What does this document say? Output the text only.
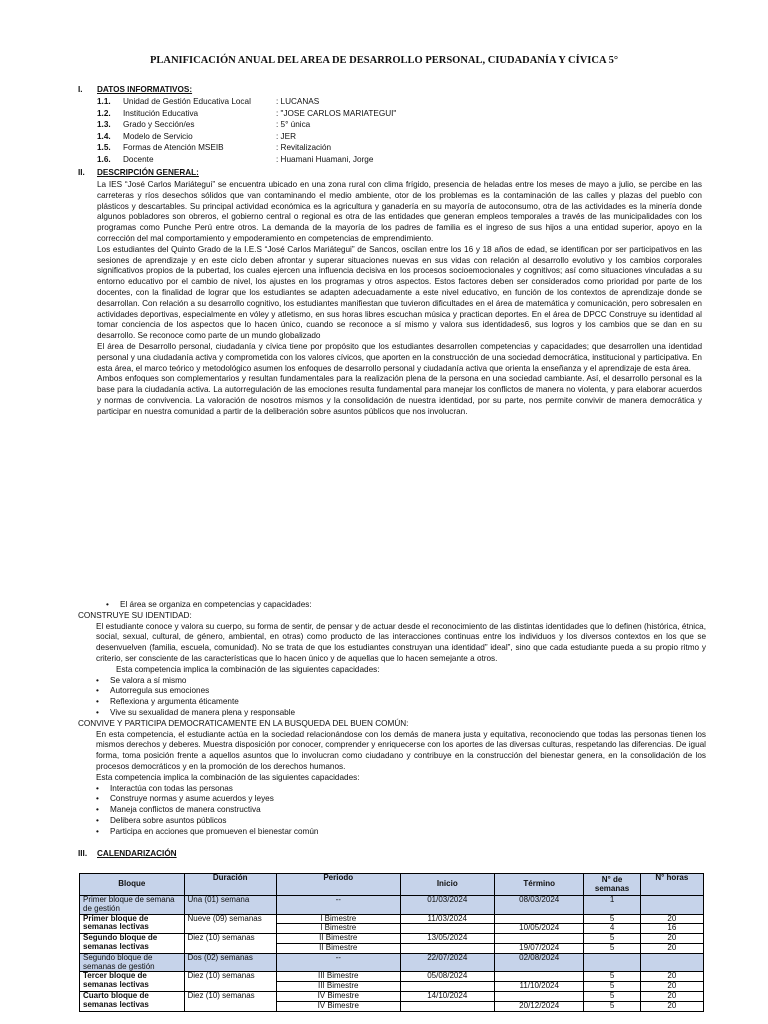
PLANIFICACIÓN ANUAL DEL AREA DE DESARROLLO PERSONAL, CIUDADANÍA Y CÍVICA 5°
I. DATOS INFORMATIVOS:
1.1. Unidad de Gestión Educativa Local	: LUCANAS
1.2. Institución Educativa	: "JOSE CARLOS MARIATEGUI"
1.3. Grado y Sección/es	: 5° única
1.4. Modelo de Servicio	: JER
1.5. Formas de Atención MSEIB	: Revitalización
1.6. Docente	: Huamani Huamani, Jorge
II. DESCRIPCIÓN GENERAL:

La IES “José Carlos Mariátegui” se encuentra ubicado en una zona rural con clima frígido, presencia de heladas entre los meses de mayo a julio, se percibe en las carreteras y ríos desechos sólidos que van contaminando el medio ambiente, otor de los problemas es la contaminación de las calles y plazas del pueblo con plásticos y descartables. Su principal actividad económica es la agricultura y ganadería en su mayoría de autoconsumo, otra de las actividades es la minería donde algunos pobladores son obreros, el gobierno central o regional es otra de las entidades que generan empleos temporales a través de las municipalidades con los programas como Punche Perú entre otros. La demanda de la mayoría de los padres de familia es el ingreso de sus hijos a una entidad superior, apoyo en la corrección del mal comportamiento y empoderamiento en competencias de emprendimiento.

Los estudiantes del Quinto Grado de la I.E.S “José Carlos Mariátegui” de Sancos, oscilan entre los 16 y 18 años de edad, se identifican por ser participativos en las sesiones de aprendizaje y en este ciclo deben afrontar y superar situaciones nuevas en sus vidas con relación al desarrollo evolutivo y los cambios corporales significativos propios de la pubertad, los cuales ejercen una influencia decisiva en los procesos socioemocionales y cognitivos; así como situaciones vinculadas a su entorno educativo por el cambio de nivel, los ajustes en los programas y otros aspectos. Estos factores deben ser considerados como prioridad por parte de los docentes, con la finalidad de lograr que los estudiantes se adapten adecuadamente a este nivel educativo, en función de los contextos de aprendizaje donde se desarrollan. Con relación a su desarrollo cognitivo, los estudiantes manifiestan que tuvieron dificultades en el área de matemática y comunicación, pero sobresalen en actividades deportivas, especialmente en vóley y atletismo, en sus horas libres escuchan música y practican deportes. En el área de DPCC Construye su identidad al tomar conciencia de los aspectos que lo hacen único, cuando se reconoce a sí mismo y valora sus identidades6, sus logros y los cambios que se dan en su desarrollo. Se reconoce como parte de un mundo globalizado

El área de Desarrollo personal, ciudadanía y cívica tiene por propósito que los estudiantes desarrollen competencias y capacidades; que desarrollen una identidad personal y una ciudadanía activa y comprometida con los valores cívicos, que aporten en la construcción de una sociedad democrática, institucional y participativa. En esta área, el marco teórico y metodológico asumen los enfoques de desarrollo personal y ciudadanía activa que orienta la enseñanza y el aprendizaje de esta área.

Ambos enfoques son complementarios y resultan fundamentales para la realización plena de la persona en una sociedad cambiante. Así, el desarrollo personal es la base para la ciudadanía activa. La autorregulación de las emociones resulta fundamental para manejar los conflictos de manera no violenta, y para elaborar acuerdos y normas de convivencia. La valoración de nosotros mismos y la consolidación de nuestra identidad, por su parte, nos permite convivir de manera democrática y participar en nuestra comunidad a partir de la deliberación sobre asuntos públicos que nos involucran.

• El área se organiza en competencias y capacidades:

CONSTRUYE SU IDENTIDAD:

El estudiante conoce y valora su cuerpo, su forma de sentir, de pensar y de actuar desde el reconocimiento de las distintas identidades que lo definen (histórica, étnica, social, sexual, cultural, de género, ambiental, en otras) como producto de las interacciones continuas entre los individuos y los diversos contextos en los que se desenvuelven (familia, escuela, comunidad). No se trata de que los estudiantes construyan una identidad” ideal”, sino que cada estudiante pueda a su propio ritmo y criterio, ser consciente de las características que lo hacen único y de aquellas que lo hacen semejante a otros.

Esta competencia implica la combinación de las siguientes capacidades:

• Se valora a sí mismo
• Autorregula sus emociones
• Reflexiona y argumenta éticamente
• Vive su sexualidad de manera plena y responsable

CONVIVE Y PARTICIPA DEMOCRATICAMENTE EN LA BUSQUEDA DEL BUEN COMÚN:

En esta competencia, el estudiante actúa en la sociedad relacionándose con los demás de manera justa y equitativa, reconociendo que todas las personas tienen los mismos derechos y deberes. Muestra disposición por conocer, comprender y enriquecerse con los aportes de las diversas culturas, respetando las diferencias. De igual forma, toma posición frente a aquellos asuntos que lo involucran como ciudadano y contribuye en la construcción del bienestar genera, en la consolidación de los procesos democráticos y en la promoción de los derechos humanos.

Esta competencia implica la combinación de las siguientes capacidades:

• Interactúa con todas las personas
• Construye normas y asume acuerdos y leyes
• Maneja conflictos de manera constructiva
• Delibera sobre asuntos públicos
• Participa en acciones que promueven el bienestar común
III. CALENDARIZACIÓN
Bloque	Duración	Periodo	Inicio	Término	N° de semanas	N° horas
Primer bloque de semana de gestión	Una (01) semana	--	01/03/2024	08/03/2024	1	
Primer bloque de semanas lectivas	Nueve (09) semanas	I Bimestre	11/03/2024		5	20
		I Bimestre		10/05/2024	4	16
Segundo bloque de semanas lectivas	Diez (10) semanas	II Bimestre	13/05/2024		5	20
		II Bimestre		19/07/2024	5	20
Segundo bloque de semanas de gestión	Dos (02) semanas	--	22/07/2024	02/08/2024		
Tercer bloque de semanas lectivas	Diez (10) semanas	III Bimestre	05/08/2024		5	20
		III Bimestre		11/10/2024	5	20
Cuarto bloque de semanas lectivas	Diez (10) semanas	IV Bimestre	14/10/2024		5	20
		IV Bimestre		20/12/2024	5	20
